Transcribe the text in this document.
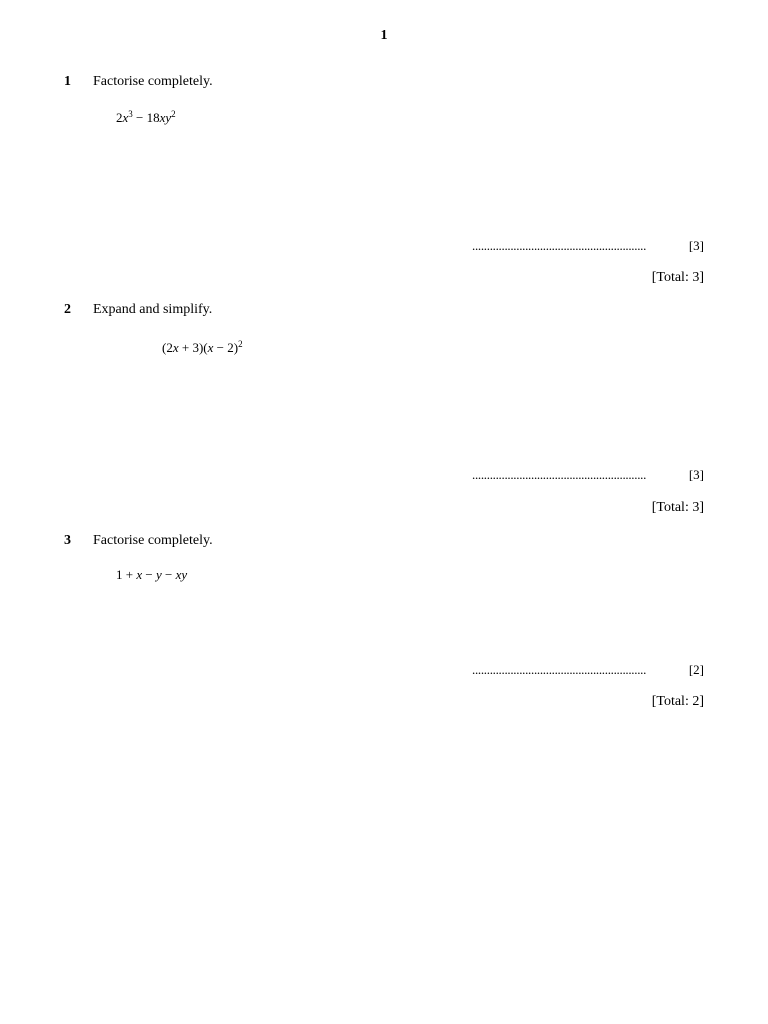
1
1 Factorise completely.
$2x^3 - 18xy^2$
...........................................................	[3]
[Total: 3]
2 Expand and simplify.
$(2x + 3)(x - 2)^2$
...........................................................	[3]
[Total: 3]
3 Factorise completely.
1 + x − y − xy
...........................................................	[2]
[Total: 2]
